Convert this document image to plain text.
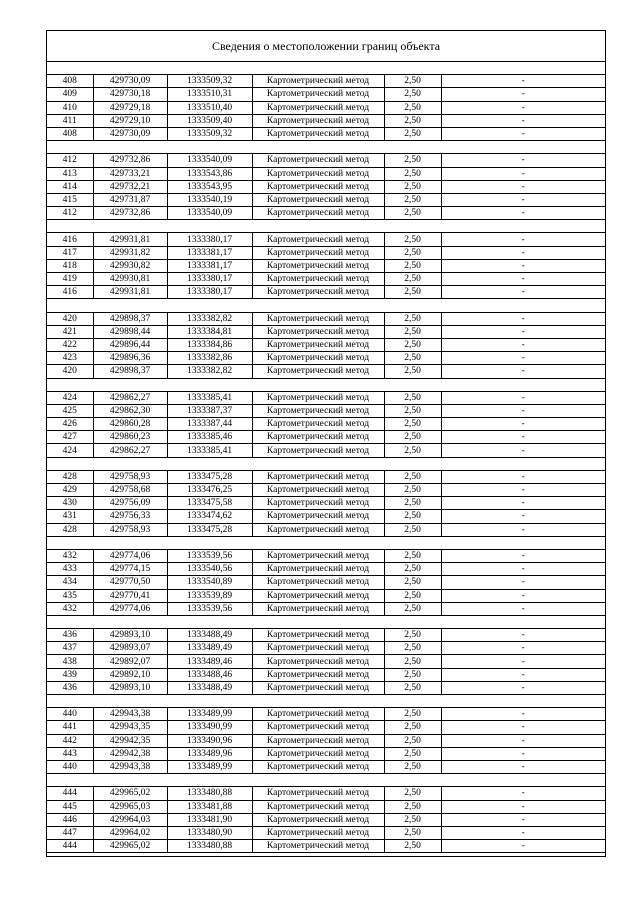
Сведения о местоположении границ объекта

408	429730,09	1333509,32	Картометрический метод	2,50	-
409	429730,18	1333510,31	Картометрический метод	2,50	-
410	429729,18	1333510,40	Картометрический метод	2,50	-
411	429729,10	1333509,40	Картометрический метод	2,50	-
408	429730,09	1333509,32	Картометрический метод	2,50	-

412	429732,86	1333540,09	Картометрический метод	2,50	-
413	429733,21	1333543,86	Картометрический метод	2,50	-
414	429732,21	1333543,95	Картометрический метод	2,50	-
415	429731,87	1333540,19	Картометрический метод	2,50	-
412	429732,86	1333540,09	Картометрический метод	2,50	-

416	429931,81	1333380,17	Картометрический метод	2,50	-
417	429931,82	1333381,17	Картометрический метод	2,50	-
418	429930,82	1333381,17	Картометрический метод	2,50	-
419	429930,81	1333380,17	Картометрический метод	2,50	-
416	429931,81	1333380,17	Картометрический метод	2,50	-

420	429898,37	1333382,82	Картометрический метод	2,50	-
421	429898,44	1333384,81	Картометрический метод	2,50	-
422	429896,44	1333384,86	Картометрический метод	2,50	-
423	429896,36	1333382,86	Картометрический метод	2,50	-
420	429898,37	1333382,82	Картометрический метод	2,50	-

424	429862,27	1333385,41	Картометрический метод	2,50	-
425	429862,30	1333387,37	Картометрический метод	2,50	-
426	429860,28	1333387,44	Картометрический метод	2,50	-
427	429860,23	1333385,46	Картометрический метод	2,50	-
424	429862,27	1333385,41	Картометрический метод	2,50	-

428	429758,93	1333475,28	Картометрический метод	2,50	-
429	429758,68	1333476,25	Картометрический метод	2,50	-
430	429756,09	1333475,58	Картометрический метод	2,50	-
431	429756,33	1333474,62	Картометрический метод	2,50	-
428	429758,93	1333475,28	Картометрический метод	2,50	-

432	429774,06	1333539,56	Картометрический метод	2,50	-
433	429774,15	1333540,56	Картометрический метод	2,50	-
434	429770,50	1333540,89	Картометрический метод	2,50	-
435	429770,41	1333539,89	Картометрический метод	2,50	-
432	429774,06	1333539,56	Картометрический метод	2,50	-

436	429893,10	1333488,49	Картометрический метод	2,50	-
437	429893,07	1333489,49	Картометрический метод	2,50	-
438	429892,07	1333489,46	Картометрический метод	2,50	-
439	429892,10	1333488,46	Картометрический метод	2,50	-
436	429893,10	1333488,49	Картометрический метод	2,50	-

440	429943,38	1333489,99	Картометрический метод	2,50	-
441	429943,35	1333490,99	Картометрический метод	2,50	-
442	429942,35	1333490,96	Картометрический метод	2,50	-
443	429942,38	1333489,96	Картометрический метод	2,50	-
440	429943,38	1333489,99	Картометрический метод	2,50	-

444	429965,02	1333480,88	Картометрический метод	2,50	-
445	429965,03	1333481,88	Картометрический метод	2,50	-
446	429964,03	1333481,90	Картометрический метод	2,50	-
447	429964,02	1333480,90	Картометрический метод	2,50	-
444	429965,02	1333480,88	Картометрический метод	2,50	-
